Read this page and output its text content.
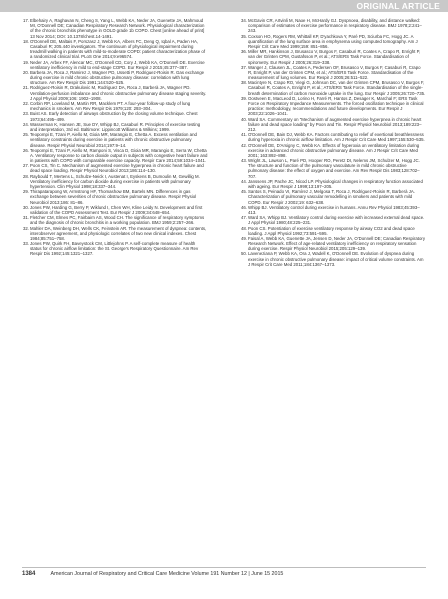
ORIGINAL ARTICLE

17. Elbehairy A, Raghavan N, Cheng S, Yang L, Webb KA, Neder JA, Guenette JA, Mahmoud MI, O'Donnell DE; Canadian Respiratory Research Network. Physiological characterization of the chronic bronchitis phenotype in GOLD grade 1b COPD. Chest [online ahead of print] 13 Nov 2014; DOI: 10.1378/chest.14-1491.

18. O'Donnell DE, Maltais F, Porszasz J, Webb KA, Albers FC, Deng Q, Iqbal A, Paden HA, Casaburi R; 205.440 investigators. The continuum of physiological impairment during treadmill walking in patients with mild-to-moderate COPD: patient characterization phase of a randomized clinical trial. PLoS One 2014;9:e96574.

19. Neder JA, Arbex FF, Alencar MC, O'Donnell CD, Cory J, Webb KA, O'Donnell DE. Exercise ventilatory inefficiency in mild to end-stage COPD. Eur Respir J 2015;45:377–387.

20. Barbera JA, Roca J, Ramirez J, Wagner PD, Ussetti P, Rodriguez-Roisin R. Gas exchange during exercise in mild chronic obstructive pulmonary disease: correlation with lung structure. Am Rev Respir Dis 1991;144:520–525.

21. Rodriguez-Roisin R, Drakulovic M, Rodriguez DA, Roca J, Barberà JA, Wagner PD. Ventilation-perfusion imbalance and chronic obstructive pulmonary disease staging severity. J Appl Physiol 2009;106: 1902–1908.

22. Corbin RP, Loveland M, Martin RR, Macklem PT. A four-year follow-up study of lung mechanics in smokers. Am Rev Respir Dis 1979;120: 293–304.

23. Buist AS. Early detection of airways obstruction by the closing volume technique. Chest 1973;64:495–499.

24. Wasserman K, Hansen JE, Sue DY, Whipp BJ, Casaburi R. Principles of exercise testing and interpretation, 3rd ed. Baltimore: Lippincott Williams & Wilkins; 1999.

25. Teopompi E, Tzani P, Aiello M, Gioia MR, Marangio E, Chetta A. Excess ventilation and ventilatory constraints during exercise in patients with chronic obstructive pulmonary disease. Respir Physiol Neurobiol 2014;197:9–14.

26. Teopompi E, Tzani P, Aiello M, Ramponi S, Visca D, Gioia MR, Marangio E, Serra W, Chetta A. Ventilatory response to carbon dioxide output in subjects with congestive heart failure and in patients with COPD with comparable exercise capacity. Respir Care 2014;59:1034–1041.

27. Poon CS, Tin C. Mechanism of augmented exercise hyperpnea in chronic heart failure and dead space loading. Respir Physiol Neurobiol 2013;186:114–130.

28. Raybould T, Mertens L, Schulze-Neick I, Austenat I, Eyskens B, Dumoulin M, Gewillig M. Ventilatory inefficiency for carbon dioxide during exercise in patients with pulmonary hypertension. Clin Physiol 1998;18:337–344.

29. Thirapatarapong W, Armstrong HF, Thomashow BM, Bartels MN. Differences in gas exchange between severities of chronic obstructive pulmonary disease. Respir Physiol Neurobiol 2013;186: 81–86.

30. Jones PW, Harding G, Berry P, Wiklund I, Chen WH, Kline Leidy N. Development and first validation of the COPD Assessment Test. Eur Respir J 2009;34:648–654.

31. Fletcher CM, Elmes PC, Fairbairn AS, Wood CH. The significance of respiratory symptoms and the diagnosis of chronic bronchitis in a working population. BMJ 1959;2:257–266.

32. Mahler DA, Weinberg DH, Wells CK, Feinstein AR. The measurement of dyspnea: contents, interobserver agreement, and physiologic correlates of two new clinical indexes. Chest 1984;85:751–758.

33. Jones PW, Quirk FH, Baveystock CM, Littlejohns P. A self-complete measure of health status for chronic airflow limitation: the St. George's Respiratory Questionnaire. Am Rev Respir Dis 1992;145:1321–1327.

34. McGavin CR, Artvinli M, Naoe H, McHardy GJ. Dyspnoea, disability, and distance walked: comparison of estimates of exercise performance in respiratory disease. BMJ 1978;2:241–243.

35. Coxson HO, Rogers RM, Whittall KP, D'yachkova Y, Paré PD, Sciurba FC, Hogg JC. A quantification of the lung surface area in emphysema using computed tomography. Am J Respir Crit Care Med 1999;159: 851–856.

36. Miller MR, Hankinson J, Brusasco V, Burgos F, Casaburi R, Coates A, Crapo R, Enright P, van der Grinten CPM, Gustafsson P, et al.; ATS/ERS Task Force. Standardisation of spirometry. Eur Respir J 2005;26:319–338.

37. Wanger J, Clausen JL, Coates A, Pedersen OF, Brusasco V, Burgos F, Casaburi R, Crapo R, Enright P, van der Grinten CPM, et al.; ATS/ERS Task Force. Standardisation of the measurement of lung volumes. Eur Respir J 2005;26:511–522.

38. Macintyre N, Crapo RO, Viegi G, Johnson DC, van der Grinten CPM, Brusasco V, Burgos F, Casaburi R, Coates A, Enright P, et al.; ATS/ERS Task Force. Standardisation of the single-breath determination of carbon monoxide uptake in the lung. Eur Respir J 2005;26:720–735.

39. Oostveen E, MacLeod D, Lorino H, Farré R, Hantos Z, Desager K, Marchal F; ERS Task Force on Respiratory Impedance Measurements. The forced oscillation technique in clinical practice: methodology, recommendations and future developments. Eur Respir J 2003;22:1026–1041.

40. Ward SA. Commentary on "Mechanism of augmented exercise hyperpnea in chronic heart failure and dead space loading" by Poon and Tin. Respir Physiol Neurobiol 2013;189:223–212.

41. O'Donnell DE, Bain DJ, Webb KA. Factors contributing to relief of exertional breathlessness during hyperoxia in chronic airflow limitation. Am J Respir Crit Care Med 1997;155:530–535.

42. O'Donnell DE, D'Arsigny C, Webb KA. Effects of hyperoxia on ventilatory limitation during exercise in advanced chronic obstructive pulmonary disease. Am J Respir Crit Care Med 2001; 163:892–898.

43. Wright JL, Lawson L, Paré PD, Hooper RO, Peretz DI, Nelems JM, Schulzer M, Hogg JC. The structure and function of the pulmonary vasculature in mild chronic obstructive pulmonary disease: the effect of oxygen and exercise. Am Rev Respir Dis 1983;128:702–707.

44. Janssens JP, Pache JC, Nicod LP. Physiological changes in respiratory function associated with ageing. Eur Respir J 1999;13:197–205.

45. Santos S, Peinado VI, Ramírez J, Melgosa T, Roca J, Rodriguez-Roisin R, Barberà JA. Characterization of pulmonary vascular remodelling in smokers and patients with mild COPD. Eur Respir J 2002;19: 632–638.

46. Whipp BJ. Ventilatory control during exercise in humans. Annu Rev Physiol 1983;45:393–413.

47. Ward SA, Whipp BJ. Ventilatory control during exercise with increased external dead space. J Appl Physiol 1980;48:225–231.

48. Poon CS. Potentiation of exercise ventilatory response by airway CO2 and dead space loading. J Appl Physiol 1992;73:591–595.

49. Faisal A, Webb KA, Guenette JA, Jensen D, Neder JA, O'Donnell DE; Canadian Respiratory Research Network. Effect of age-related ventilatory inefficiency on respiratory sensation during exercise. Respir Physiol Neurobiol 2015;205:129–139.

50. Laveneziana P, Webb KA, Ora J, Wadell K, O'Donnell DE. Evolution of dyspnea during exercise in chronic obstructive pulmonary disease: impact of critical volume constraints. Am J Respir Crit Care Med 2011;184:1367–1373.

1384	American Journal of Respiratory and Critical Care Medicine Volume 191 Number 12 | June 15 2015
